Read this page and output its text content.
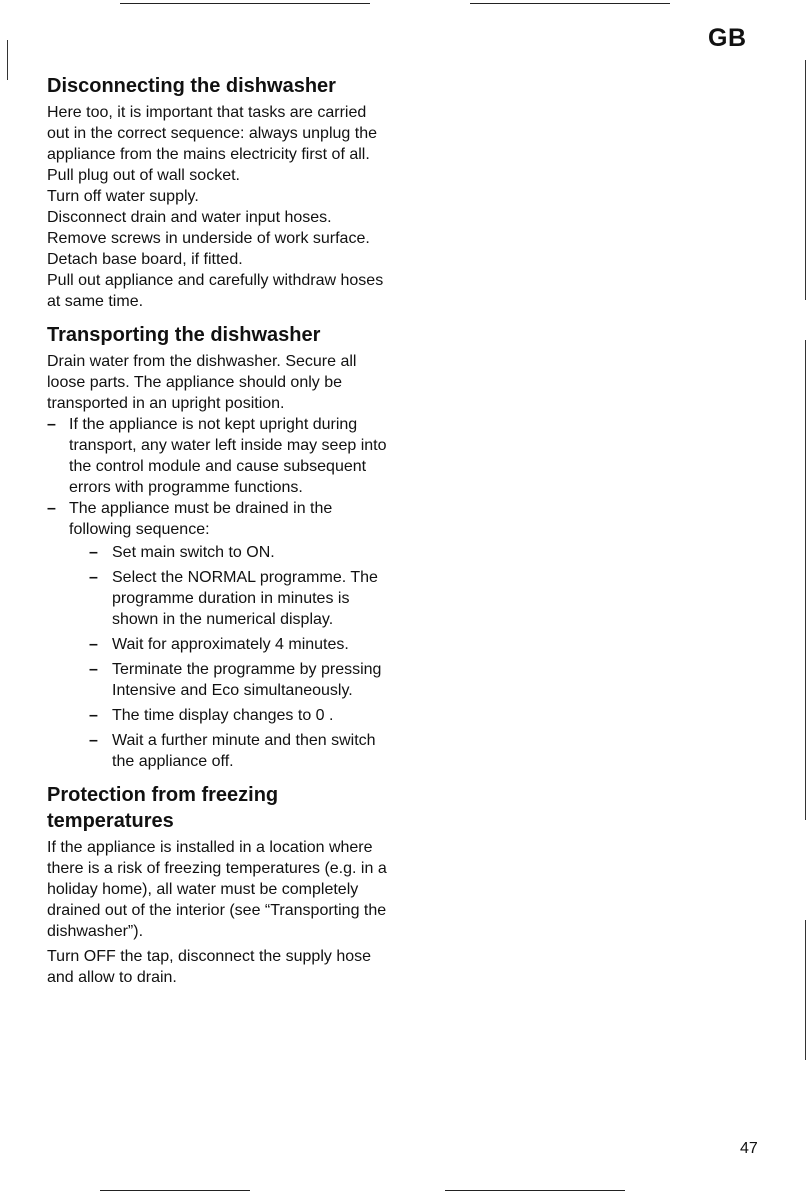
GB
Disconnecting the dishwasher

Here too, it is important that tasks are carried out in the correct sequence: always unplug the appliance from the mains electricity first of all.

Pull plug out of wall socket.

Turn off water supply.

Disconnect drain and water input hoses.

Remove screws in underside of work surface. Detach base board, if fitted.

Pull out appliance and carefully withdraw hoses at same time.

Transporting the dishwasher

Drain water from the dishwasher. Secure all loose parts. The appliance should only be transported in an upright position.

– If the appliance is not kept upright during transport, any water left inside may seep into the control module and cause subsequent errors with programme functions.
– The appliance must be drained in the following sequence:
– Set main switch to ON.
– Select the NORMAL programme. The programme duration in minutes is shown in the numerical display.
– Wait for approximately 4 minutes.
– Terminate the programme by pressing Intensive and Eco simultaneously.
– The time display changes to 0 .
– Wait a further minute and then switch the appliance off.
Protection from freezing temperatures

If the appliance is installed in a location where there is a risk of freezing temperatures (e.g. in a holiday home), all water must be completely drained out of the interior (see “Transporting the dishwasher”).

Turn OFF the tap, disconnect the supply hose and allow to drain.

47
